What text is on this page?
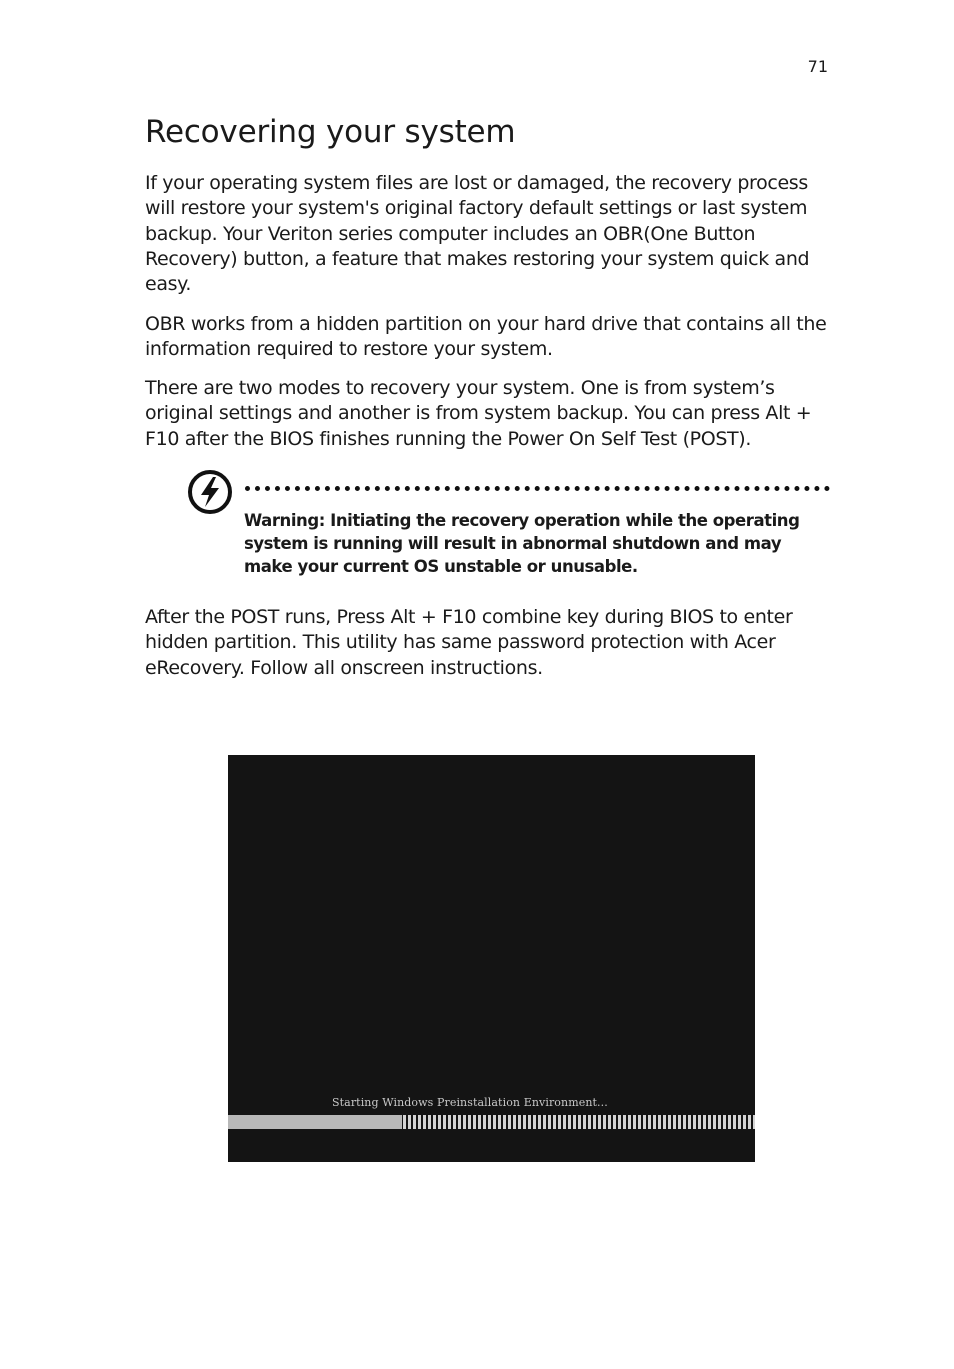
71
Recovering your system

If your operating system files are lost or damaged, the recovery process will restore your system's original factory default settings or last system backup. Your Veriton series computer includes an OBR(One Button Recovery) button, a feature that makes restoring your system quick and easy.

OBR works from a hidden partition on your hard drive that contains all the information required to restore your system.

There are two modes to recovery your system. One is from system’s original settings and another is from system backup. You can press Alt + F10 after the BIOS finishes running the Power On Self Test (POST).

Warning: Initiating the recovery operation while the operating system is running will result in abnormal shutdown and may make your current OS unstable or unusable.

After the POST runs, Press Alt + F10 combine key during BIOS to enter hidden partition. This utility has same password protection with Acer eRecovery. Follow all onscreen instructions.

Starting Windows Preinstallation Environment...
